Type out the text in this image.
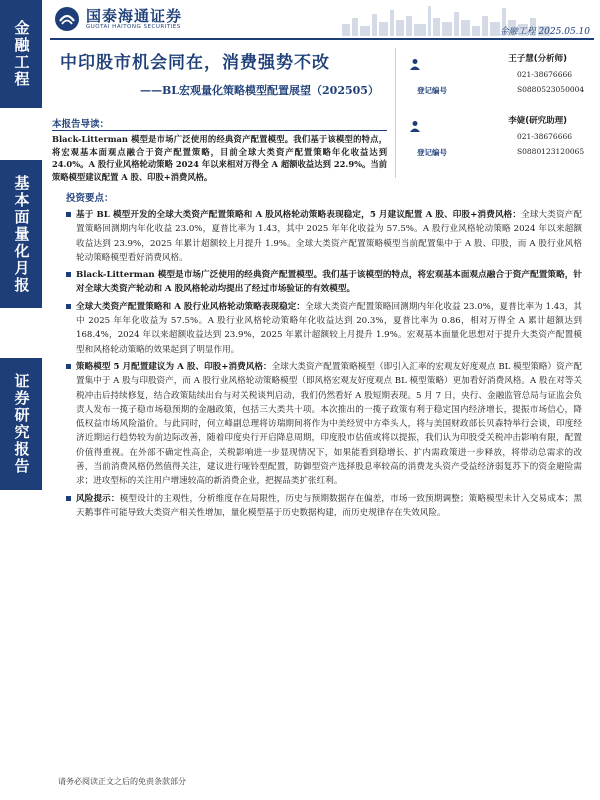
金融工程
基本面量化月报
证券研究报告
国泰海通证券
GUOTAI HAITONG SECURITIES	金融工程 2025.05.10
中印股市机会同在，消费强势不改
——BL宏观量化策略模型配置展望（202505）
王子慧(分析师)
021-38676666
登记编号	S0880523050004
李婕(研究助理)
021-38676666
登记编号	S0880123120065
本报告导读：
Black-Litterman 模型是市场广泛使用的经典资产配置模型。我们基于该模型的特点，将宏观基本面观点融合于资产配置策略，目前全球大类资产配置策略年化收益达到 24.0%。A 股行业风格轮动策略 2024 年以来相对万得全 A 超额收益达到 22.9%。当前策略模型建议配置 A 股、印股+消费风格。
投资要点：
基于 BL 模型开发的全球大类资产配置策略和 A 股风格轮动策略表现稳定，5 月建议配置 A 股、印股+消费风格：全球大类资产配置策略回测期内年化收益 23.0%，夏普比率为 1.43，其中 2025 年年化收益为 57.5%。A 股行业风格轮动策略 2024 年以来超额收益达到 23.9%，2025 年累计超额较上月提升 1.9%。全球大类资产配置策略模型当前配置集中于 A 股、印股，而 A 股行业风格轮动策略模型看好消费风格。
Black-Litterman 模型是市场广泛使用的经典资产配置模型。我们基于该模型的特点，将宏观基本面观点融合于资产配置策略，针对全球大类资产轮动和 A 股风格轮动均提出了经过市场验证的有效模型。
全球大类资产配置策略和 A 股行业风格轮动策略表现稳定：全球大类资产配置策略回测期内年化收益 23.0%，夏普比率为 1.43，其中 2025 年年化收益为 57.5%。A 股行业风格轮动策略年化收益达到 20.3%，夏普比率为 0.86，相对万得全 A 累计超额达到 168.4%，2024 年以来超额收益达到 23.9%，2025 年累计超额较上月提升 1.9%。宏观基本面量化思想对于提升大类资产配置模型和风格轮动策略的效果起到了明显作用。
策略模型 5 月配置建议为 A 股、印股+消费风格：全球大类资产配置策略模型（即引入汇率的宏观友好度观点 BL 模型策略）资产配置集中于 A 股与印股资产，而 A 股行业风格轮动策略模型（即风格宏观友好度观点 BL 模型策略）更加看好消费风格。A 股在对等关税冲击后持续修复，结合政策陆续出台与对关税谈判启动，我们仍然看好 A 股短期表现。5 月 7 日，央行、金融监管总局与证监会负责人发布一揽子稳市场稳预期的金融政策，包括三大类共十项。本次推出的一揽子政策有利于稳定国内经济增长，提振市场信心，降低权益市场风险溢价。与此同时，何立峰副总理将访瑞期间将作为中美经贸中方牵头人，将与美国财政部长贝森特举行会谈，印度经济近期运行趋势较为前边际改善，随着印度央行开启降息周期，印度股市估值或将以提振，我们认为印股受关税冲击影响有限，配置价值得重视。在外部不确定性高企，关税影响进一步显现情况下，如果能看到稳增长、扩内需政策进一步释放，将带动总需求的改善，当前消费风格仍然值得关注，建议进行哑铃型配置，防御型资产选择股息率较高的消费龙头资产受益经济弱复苏下的资金避险需求；进攻型标的关注用户增速较高的新消费企业，把握品类扩张红利。
风险提示：模型设计的主观性，分析维度存在局限性，历史与预期数据存在偏差，市场一致预期调整；策略模型未计入交易成本；黑天鹅事件可能导致大类资产相关性增加，量化模型基于历史数据构建，而历史规律存在失效风险。
请务必阅读正文之后的免责条款部分
